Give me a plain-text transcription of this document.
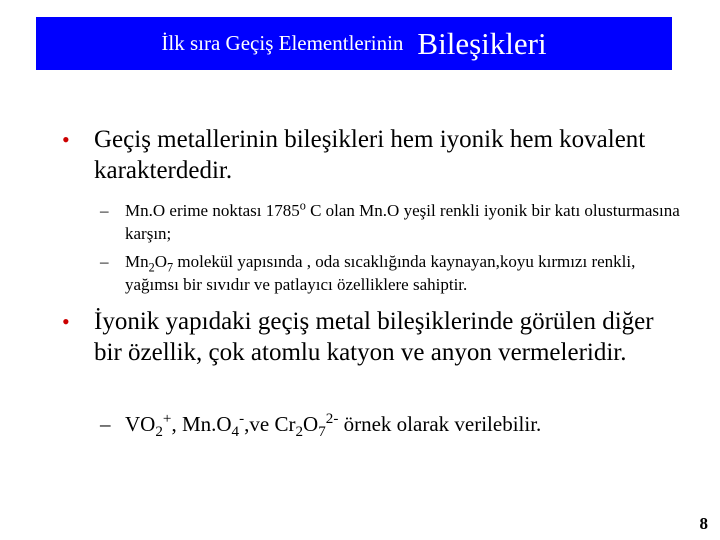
İlk sıra Geçiş Elementlerinin Bileşikleri
• Geçiş metallerinin bileşikleri hem iyonik hem kovalent karakterdedir.
– Mn.O erime noktası 1785$^o$ C olan Mn.O yeşil renkli iyonik bir katı olusturmasına karşın;
– $Mn_2O_7$ molekül yapısında , oda sıcaklığında kaynayan,koyu kırmızı renkli, yağımsı bir sıvıdır ve patlayıcı özelliklere sahiptir.
• İyonik yapıdaki geçiş metal bileşiklerinde görülen diğer bir özellik, çok atomlu katyon ve anyon vermeleridir.
– $VO_2^+$, $Mn.O_4^-,ve$ $Cr_2O_7^{2-}$ örnek olarak verilebilir.
8
